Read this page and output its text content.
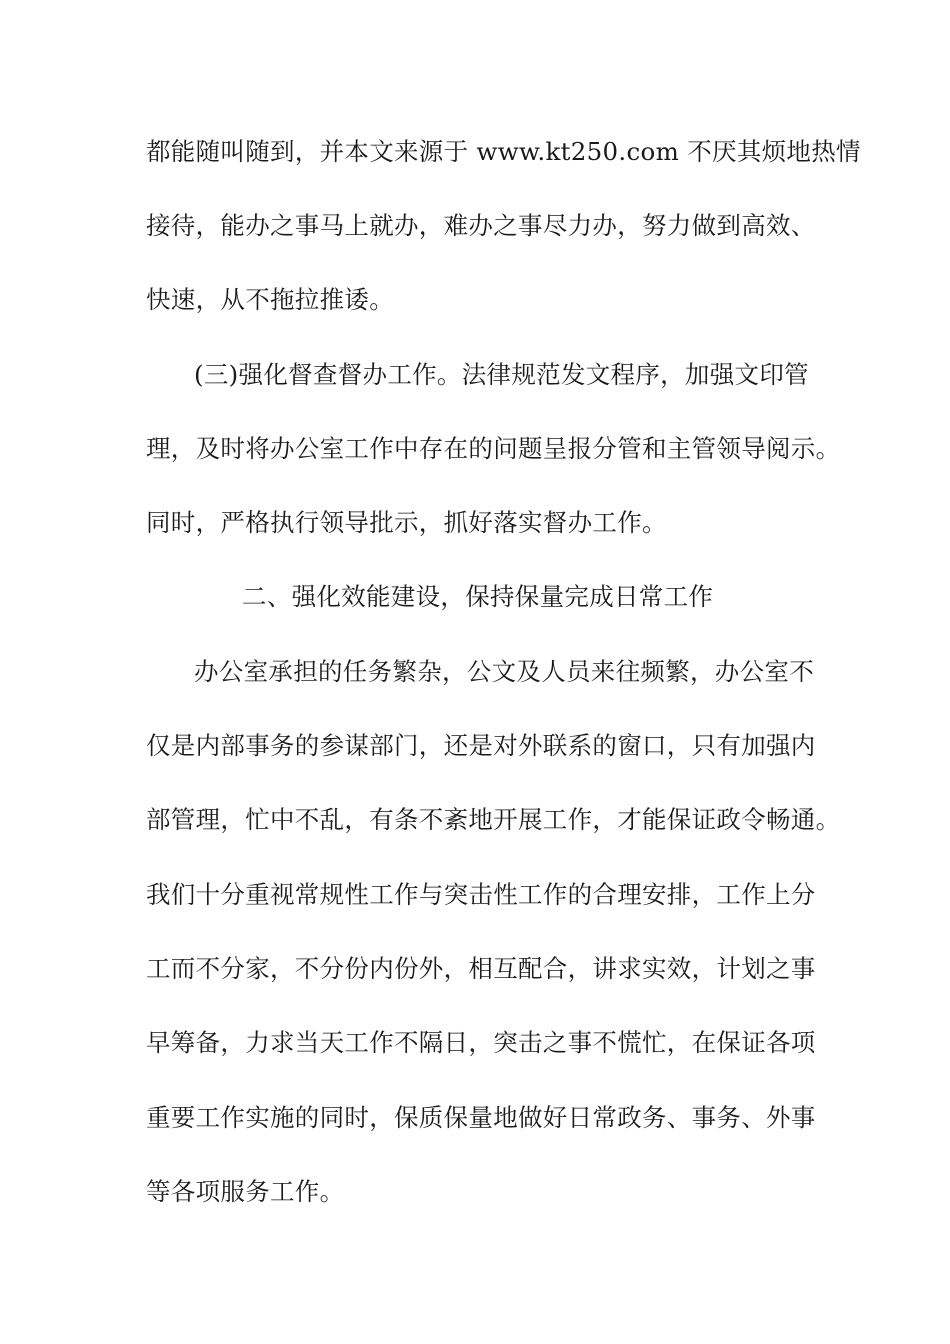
都能随叫随到，并本文来源于 www.kt250.com 不厌其烦地热情
接待，能办之事马上就办，难办之事尽力办，努力做到高效、
快速，从不拖拉推诿。
(三)强化督查督办工作。法律规范发文程序，加强文印管
理，及时将办公室工作中存在的问题呈报分管和主管领导阅示。
同时，严格执行领导批示，抓好落实督办工作。
二、强化效能建设，保持保量完成日常工作
办公室承担的任务繁杂，公文及人员来往频繁，办公室不
仅是内部事务的参谋部门，还是对外联系的窗口，只有加强内
部管理，忙中不乱，有条不紊地开展工作，才能保证政令畅通。
我们十分重视常规性工作与突击性工作的合理安排，工作上分
工而不分家，不分份内份外，相互配合，讲求实效，计划之事
早筹备，力求当天工作不隔日，突击之事不慌忙，在保证各项
重要工作实施的同时，保质保量地做好日常政务、事务、外事
等各项服务工作。
